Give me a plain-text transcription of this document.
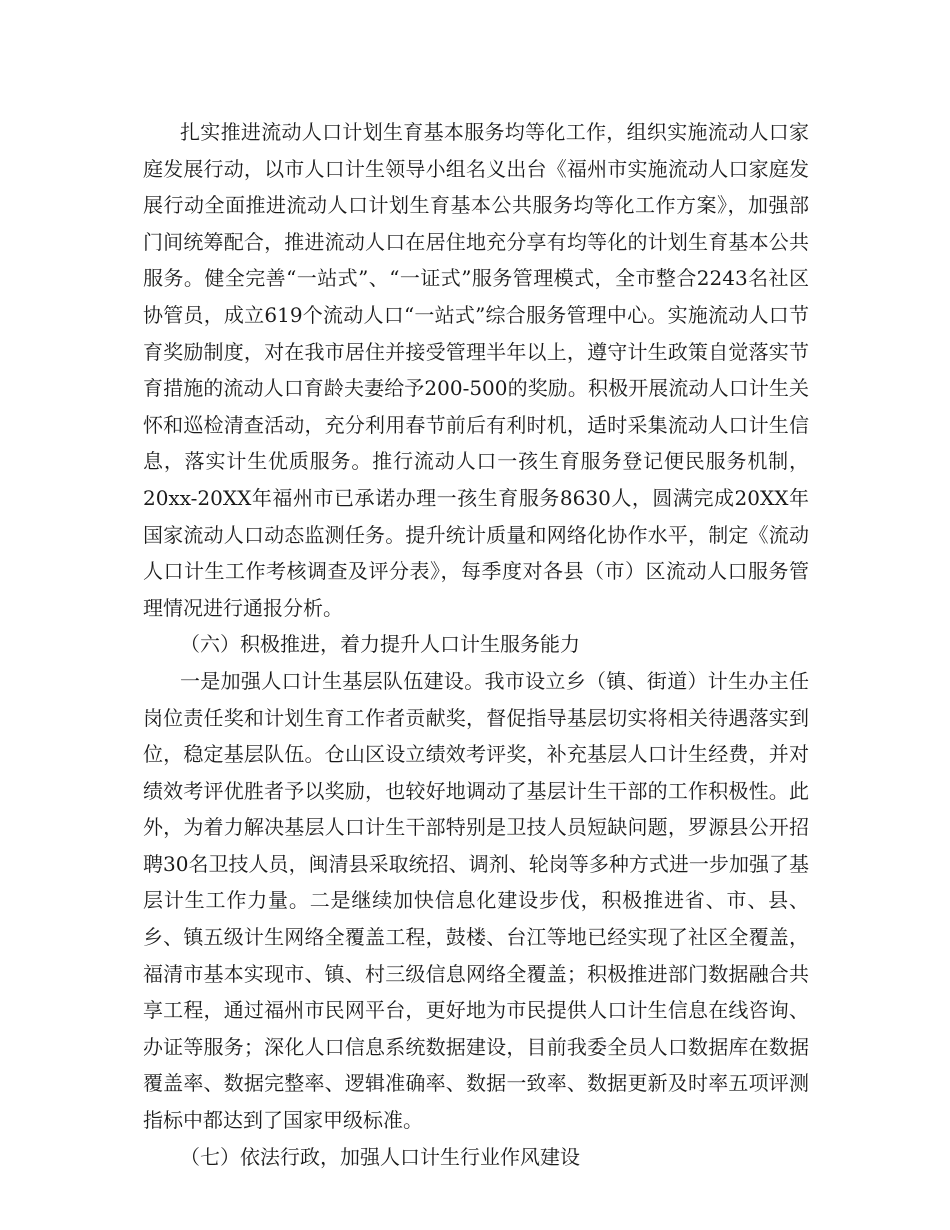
扎实推进流动人口计划生育基本服务均等化工作，组织实施流动人口家庭发展行动，以市人口计生领导小组名义出台《福州市实施流动人口家庭发展行动全面推进流动人口计划生育基本公共服务均等化工作方案》，加强部门间统筹配合，推进流动人口在居住地充分享有均等化的计划生育基本公共服务。健全完善“一站式”、“一证式”服务管理模式，全市整合2243名社区协管员，成立619个流动人口“一站式”综合服务管理中心。实施流动人口节育奖励制度，对在我市居住并接受管理半年以上，遵守计生政策自觉落实节育措施的流动人口育龄夫妻给予200-500的奖励。积极开展流动人口计生关怀和巡检清查活动，充分利用春节前后有利时机，适时采集流动人口计生信息，落实计生优质服务。推行流动人口一孩生育服务登记便民服务机制，20xx-20XX年福州市已承诺办理一孩生育服务8630人，圆满完成20XX年国家流动人口动态监测任务。提升统计质量和网络化协作水平，制定《流动人口计生工作考核调查及评分表》，每季度对各县（市）区流动人口服务管理情况进行通报分析。

（六）积极推进，着力提升人口计生服务能力

一是加强人口计生基层队伍建设。我市设立乡（镇、街道）计生办主任岗位责任奖和计划生育工作者贡献奖，督促指导基层切实将相关待遇落实到位，稳定基层队伍。仓山区设立绩效考评奖，补充基层人口计生经费，并对绩效考评优胜者予以奖励，也较好地调动了基层计生干部的工作积极性。此外，为着力解决基层人口计生干部特别是卫技人员短缺问题，罗源县公开招聘30名卫技人员，闽清县采取统招、调剂、轮岗等多种方式进一步加强了基层计生工作力量。二是继续加快信息化建设步伐，积极推进省、市、县、乡、镇五级计生网络全覆盖工程，鼓楼、台江等地已经实现了社区全覆盖，福清市基本实现市、镇、村三级信息网络全覆盖；积极推进部门数据融合共享工程，通过福州市民网平台，更好地为市民提供人口计生信息在线咨询、办证等服务；深化人口信息系统数据建设，目前我委全员人口数据库在数据覆盖率、数据完整率、逻辑准确率、数据一致率、数据更新及时率五项评测指标中都达到了国家甲级标准。

（七）依法行政，加强人口计生行业作风建设
